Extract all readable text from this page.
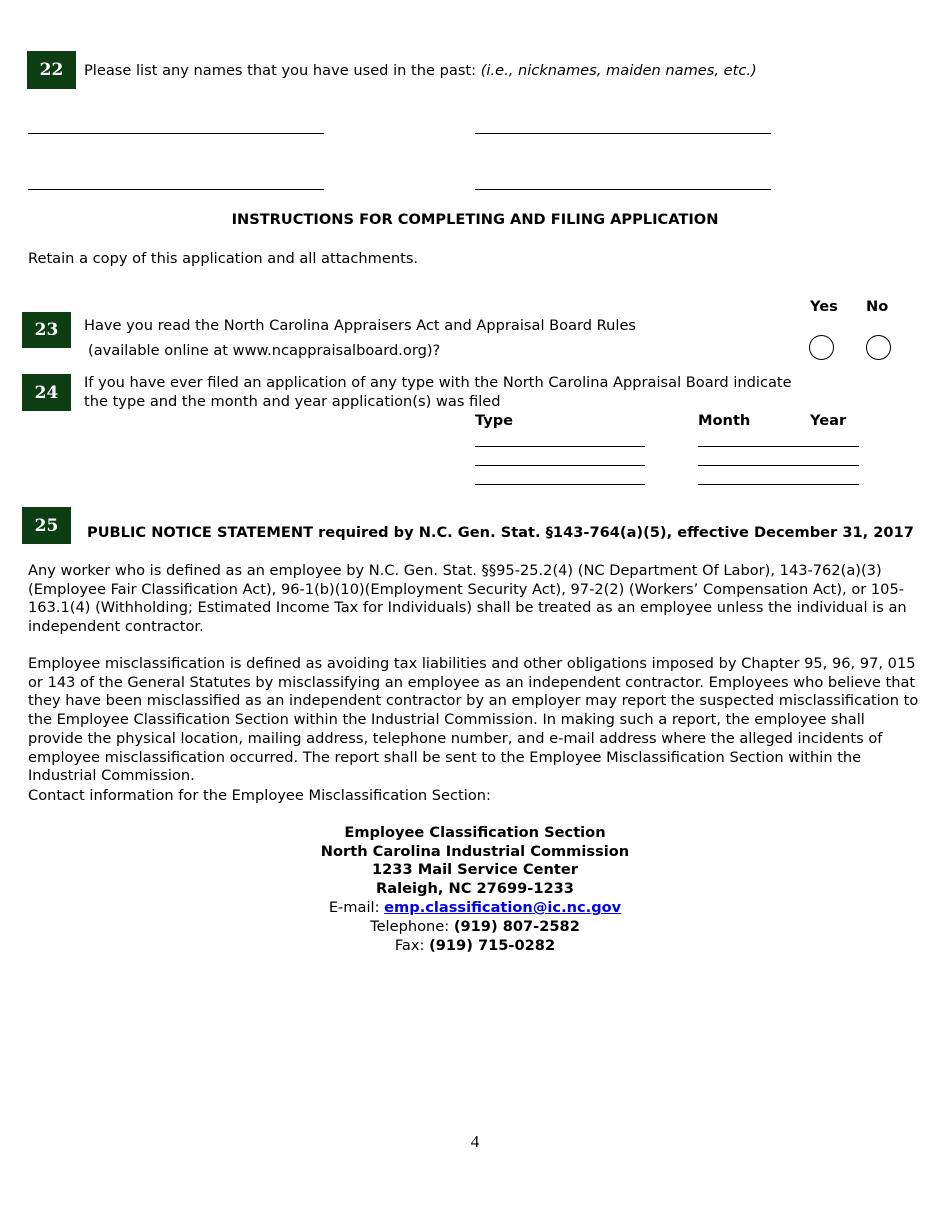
22	Please list any names that you have used in the past: (i.e., nicknames, maiden names, etc.)
INSTRUCTIONS FOR COMPLETING AND FILING APPLICATION
Retain a copy of this application and all attachments.
Yes No
23	Have you read the North Carolina Appraisers Act and Appraisal Board Rules
(available online at www.ncappraisalboard.org)?
24	If you have ever filed an application of any type with the North Carolina Appraisal Board indicate
the type and the month and year application(s) was filed
Type	Month	Year
25	PUBLIC NOTICE STATEMENT required by N.C. Gen. Stat. §143-764(a)(5), effective December 31, 2017
Any worker who is defined as an employee by N.C. Gen. Stat. §§95-25.2(4) (NC Department Of Labor), 143-762(a)(3) (Employee Fair Classification Act), 96-1(b)(10)(Employment Security Act), 97-2(2) (Workers’ Compensation Act), or 105-163.1(4) (Withholding; Estimated Income Tax for Individuals) shall be treated as an employee unless the individual is an independent contractor.
Employee misclassification is defined as avoiding tax liabilities and other obligations imposed by Chapter 95, 96, 97, 015 or 143 of the General Statutes by misclassifying an employee as an independent contractor. Employees who believe that they have been misclassified as an independent contractor by an employer may report the suspected misclassification to the Employee Classification Section within the Industrial Commission. In making such a report, the employee shall provide the physical location, mailing address, telephone number, and e-mail address where the alleged incidents of employee misclassification occurred. The report shall be sent to the Employee Misclassification Section within the Industrial Commission.
Contact information for the Employee Misclassification Section:
Employee Classification Section
North Carolina Industrial Commission
1233 Mail Service Center
Raleigh, NC 27699-1233
E-mail: emp.classification@ic.nc.gov
Telephone: (919) 807-2582
Fax: (919) 715-0282
4
